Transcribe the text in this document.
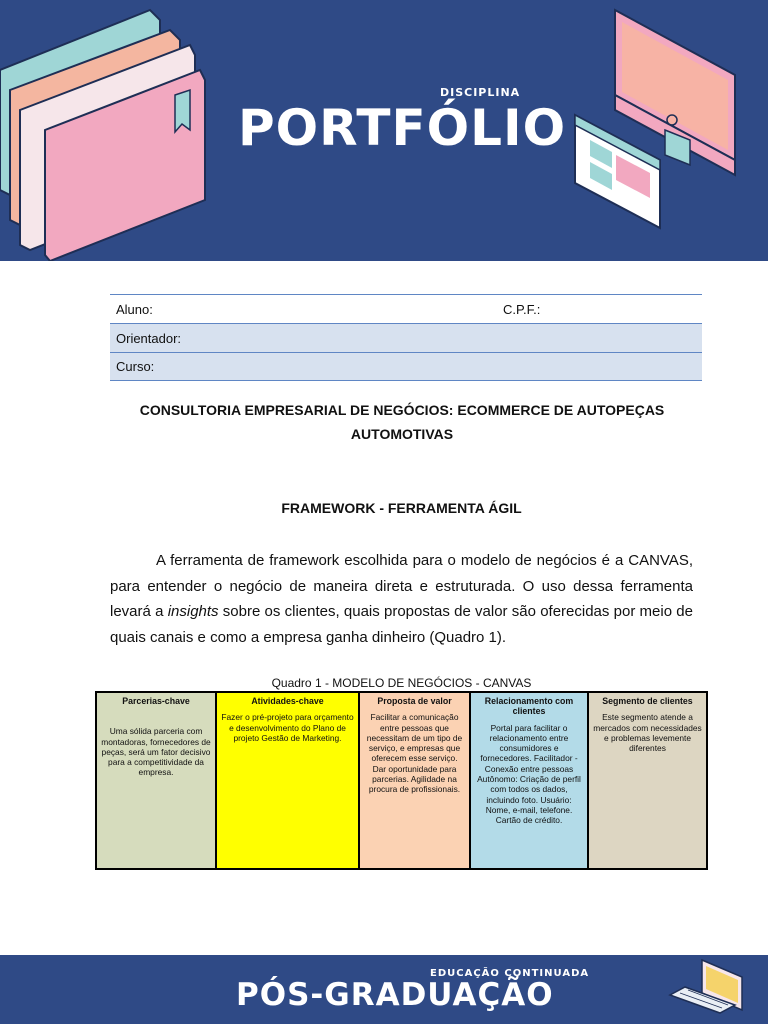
DISCIPLINA
PORTFÓLIO
Aluno:	C.P.F.:
Orientador:
Curso:
CONSULTORIA EMPRESARIAL DE NEGÓCIOS: ECOMMERCE DE AUTOPEÇAS AUTOMOTIVAS
FRAMEWORK - FERRAMENTA ÁGIL

A ferramenta de framework escolhida para o modelo de negócios é a CANVAS, para entender o negócio de maneira direta e estruturada. O uso dessa ferramenta levará a insights sobre os clientes, quais propostas de valor são oferecidas por meio de quais canais e como a empresa ganha dinheiro (Quadro 1).

Quadro 1 - MODELO DE NEGÓCIOS - CANVAS
Parcerias-chave
Uma sólida parceria com montadoras, fornecedores de peças, será um fator decisivo para a competitividade da empresa.
Atividades-chave
Fazer o pré-projeto para orçamento e desenvolvimento do Plano de projeto Gestão de Marketing.
Proposta de valor
Facilitar a comunicação entre pessoas que necessitam de um tipo de serviço, e empresas que oferecem esse serviço. Dar oportunidade para parcerias. Agilidade na procura de profissionais.
Relacionamento com clientes
Portal para facilitar o relacionamento entre consumidores e fornecedores. Facilitador -Conexão entre pessoas Autônomo: Criação de perfil com todos os dados, incluindo foto. Usuário: Nome, e-mail, telefone. Cartão de crédito.
Segmento de clientes
Este segmento atende a mercados com necessidades e problemas levemente diferentes
EDUCAÇÃO CONTINUADA
PÓS-GRADUAÇÃO
